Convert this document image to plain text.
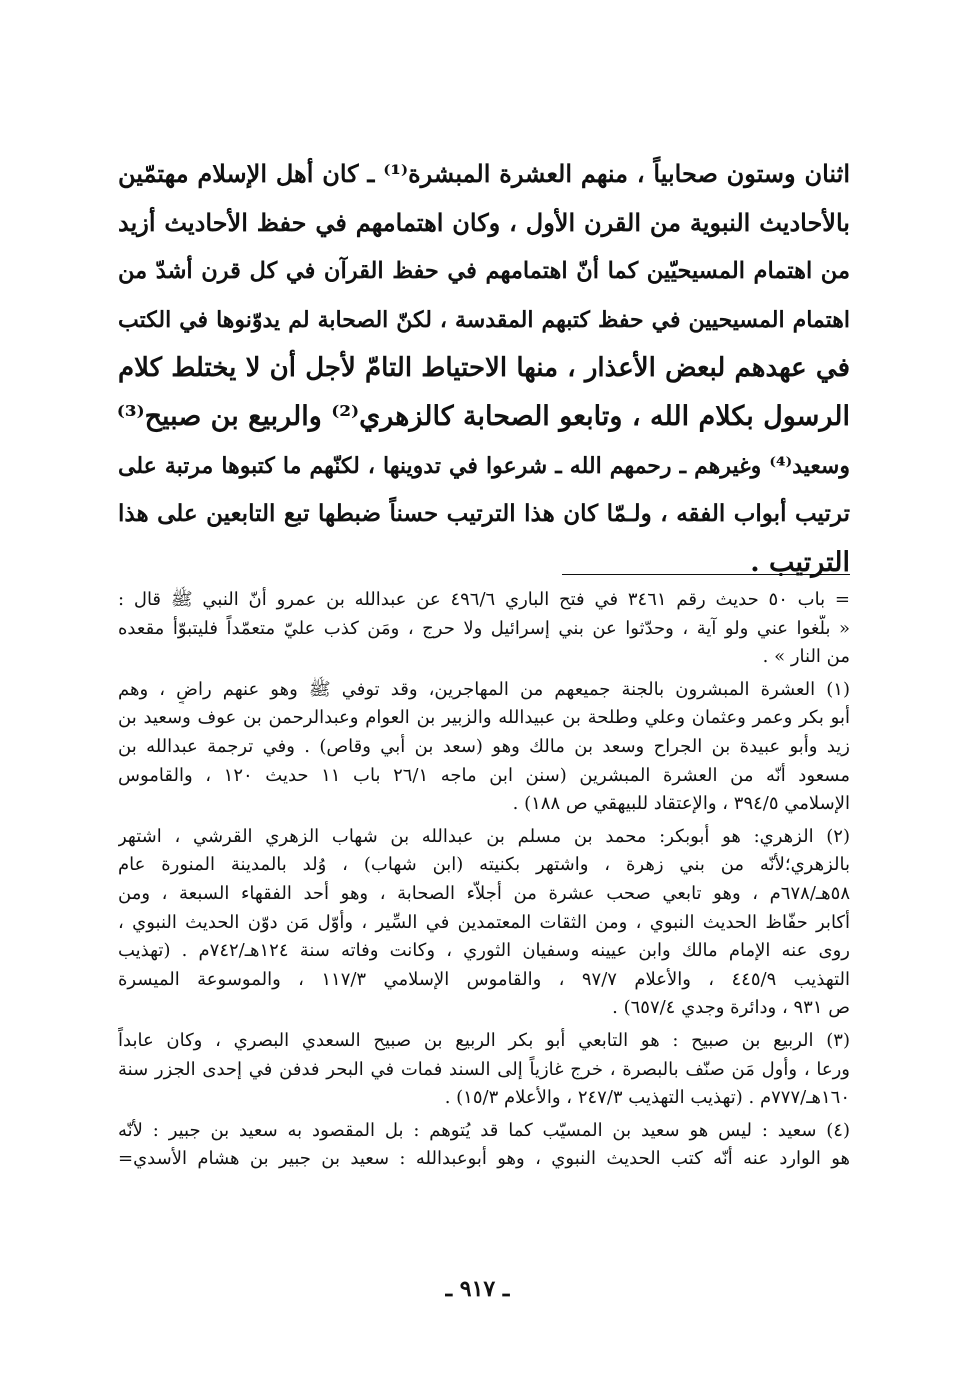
اثنان وستون صحابياً ، منهم العشرة المبشرة⁽¹⁾ ـ كان أهل الإسلام مهتمّين
بالأحاديث النبوية من القرن الأول ، وكان اهتمامهم في حفظ الأحاديث أزيد
من اهتمام المسيحيّين كما أنّ اهتمامهم في حفظ القرآن في كل قرن أشدّ من
اهتمام المسيحيين في حفظ كتبهم المقدسة ، لكنّ الصحابة لم يدوّنوها في الكتب
في عهدهم لبعض الأعذار ، منها الاحتياط التامّ لأجل أن لا يختلط كلام
الرسول بكلام الله ، وتابعو الصحابة كالزهري⁽²⁾ والربيع بن صبيح⁽³⁾
وسعيد⁽⁴⁾ وغيرهم ـ رحمهم الله ـ شرعوا في تدوينها ، لكنّهم ما كتبوها مرتبة على
ترتيب أبواب الفقه ، ولـمّا كان هذا الترتيب حسناً ضبطها تبع التابعين على هذا
الترتيب .
= باب ٥٠ حديث رقم ٣٤٦١ في فتح الباري ٤٩٦/٦ عن عبدالله بن عمرو أنّ النبي ﷺ قال :
« بلّغوا عني ولو آية ، وحدّثوا عن بني إسرائيل ولا حرج ، ومَن كذب عليّ متعمّداً فليتبوّأ مقعده
من النار » .
(١) العشرة المبشرون بالجنة جميعهم من المهاجرين، وقد توفي ﷺ وهو عنهم راضٍ ، وهم
أبو بكر وعمر وعثمان وعلي وطلحة بن عبيدالله والزبير بن العوام وعبدالرحمن بن عوف وسعيد بن
زيد وأبو عبيدة بن الجراح وسعد بن مالك وهو (سعد بن أبي وقاص) . وفي ترجمة عبدالله بن
مسعود أنّه من العشرة المبشرين (سنن ابن ماجه ٢٦/١ باب ١١ حديث ١٢٠ ، والقاموس
الإسلامي ٣٩٤/٥ ، والإعتقاد للبيهقي ص ١٨٨) .
(٢) الزهري: هو أبوبكر: محمد بن مسلم بن عبدالله بن شهاب الزهري القرشي ، اشتهر
بالزهري؛لأنّه من بني زهرة ، واشتهر بكنيته (ابن شهاب) ، وُلد بالمدينة المنورة عام
٥٨هـ/٦٧٨م ، وهو تابعي صحب عشرة من أجلاّء الصحابة ، وهو أحد الفقهاء السبعة ، ومن
أكابر حفّاظ الحديث النبوي ، ومن الثقات المعتمدين في السِّير ، وأوّل مَن دوّن الحديث النبوي ،
روى عنه الإمام مالك وابن عيينه وسفيان الثوري ، وكانت وفاته سنة ١٢٤هـ/٧٤٢م . (تهذيب
التهذيب ٤٤٥/٩ ، والأعلام ٩٧/٧ ، والقاموس الإسلامي ١١٧/٣ ، والموسوعة الميسرة
ص ٩٣١ ، ودائرة وجدي ٦٥٧/٤) .
(٣) الربيع بن صبيح : هو التابعي أبو بكر الربيع بن صبيح السعدي البصري ، وكان عابداً
ورعا ، وأول مَن صنّف بالبصرة ، خرج غازياً إلى السند فمات في البحر فدفن في إحدى الجزر سنة
١٦٠هـ/٧٧٧م . (تهذيب التهذيب ٢٤٧/٣ ، والأعلام ١٥/٣) .
(٤) سعيد : ليس هو سعيد بن المسيّب كما قد يُتوهم : بل المقصود به سعيد بن جبير : لأنّه
هو الوارد عنه أنّه كتب الحديث النبوي ، وهو أبوعبدالله : سعيد بن جبير بن هشام الأسدي=
ـ ٩١٧ ـ
